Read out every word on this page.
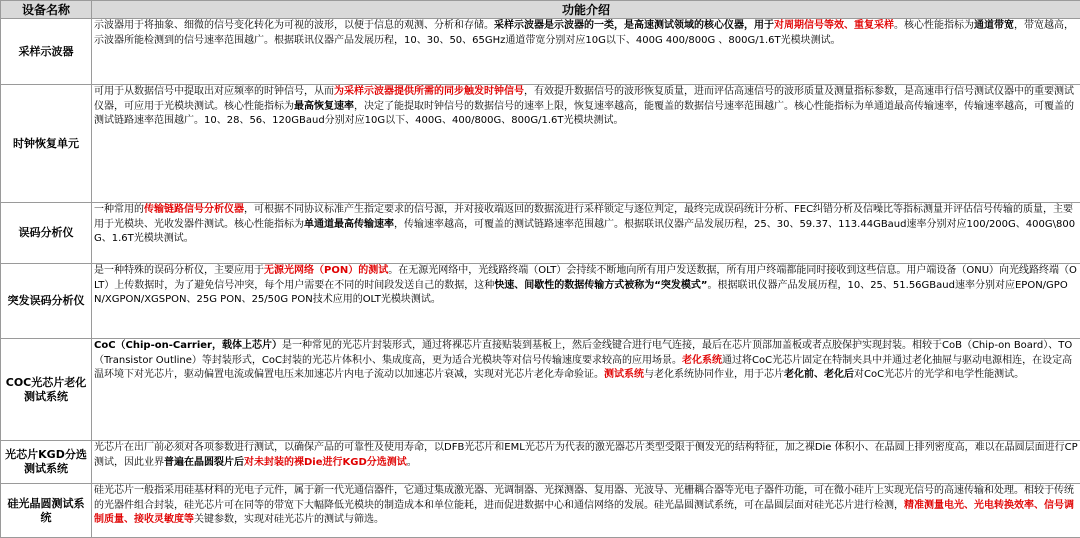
设备名称	功能介绍
采样示波器	示波器用于将抽象、细微的信号变化转化为可视的波形，以便于信息的观测、分析和存储。采样示波器是示波器的一类，是高速测试领域的核心仪器，用于对周期信号等效、重复采样。核心性能指标为通道带宽，带宽越高，示波器所能检测到的信号速率范围越广。根据联讯仪器产品发展历程，10、30、50、65GHz通道带宽分别对应10G以下、400G 400/800G 、800G/1.6T光模块测试。
时钟恢复单元	可用于从数据信号中提取出对应频率的时钟信号，从而为采样示波器提供所需的同步触发时钟信号，有效提升数据信号的波形恢复质量，进而评估高速信号的波形质量及测量指标参数，是高速串行信号测试仪器中的重要测试仪器，可应用于光模块测试。核心性能指标为最高恢复速率，决定了能提取时钟信号的数据信号的速率上限，恢复速率越高，能覆盖的数据信号速率范围越广。核心性能指标为单通道最高传输速率，传输速率越高，可覆盖的测试链路速率范围越广。10、28、56、120GBaud分别对应10G以下、400G、400/800G、800G/1.6T光模块测试。
误码分析仪	一种常用的传输链路信号分析仪器，可根据不同协议标准产生指定要求的信号源，并对接收端返回的数据流进行采样锁定与逐位判定，最终完成误码统计分析、FEC纠错分析及信噪比等指标测量并评估信号传输的质量，主要用于光模块、光收发器件测试。核心性能指标为单通道最高传输速率，传输速率越高，可覆盖的测试链路速率范围越广。根据联讯仪器产品发展历程，25、30、59.37、113.44GBaud速率分别对应100/200G、400G\800G、1.6T光模块测试。
突发误码分析仪	是一种特殊的误码分析仪，主要应用于无源光网络（PON）的测试。在无源光网络中，光线路终端（OLT）会持续不断地向所有用户发送数据，所有用户终端都能同时接收到这些信息。用户端设备（ONU）向光线路终端（OLT）上传数据时，为了避免信号冲突，每个用户需要在不同的时间段发送自己的数据，这种快速、间歇性的数据传输方式被称为“突发模式”。根据联讯仪器产品发展历程，10、25、51.56GBaud速率分别对应EPON/GPON/XGPON/XGSPON、25G PON、25/50G PON技术应用的OLT光模块测试。
COC光芯片老化测试系统	CoC（Chip-on-Carrier，载体上芯片）是一种常见的光芯片封装形式，通过将裸芯片直接贴装到基板上，然后金线键合进行电气连接，最后在芯片顶部加盖板或者点胶保护实现封装。相较于CoB（Chip-on Board）、TO（Transistor Outline）等封装形式，CoC封装的光芯片体积小、集成度高，更为适合光模块等对信号传输速度要求较高的应用场景。老化系统通过将CoC光芯片固定在特制夹具中并通过老化抽屉与驱动电源相连，在设定高温环境下对光芯片，驱动偏置电流或偏置电压来加速芯片内电子流动以加速芯片衰减，实现对光芯片老化寿命验证。测试系统与老化系统协同作业，用于芯片老化前、老化后对CoC光芯片的光学和电学性能测试。
光芯片KGD分选测试系统	光芯片在出厂前必须对各项参数进行测试，以确保产品的可靠性及使用寿命，以DFB光芯片和EML光芯片为代表的激光器芯片类型受限于侧发光的结构特征，加之裸Die 体积小、在晶圆上排列密度高，难以在晶圆层面进行CP测试，因此业界普遍在晶圆裂片后对未封装的裸Die进行KGD分选测试。
硅光晶圆测试系统	硅光芯片一般指采用硅基材料的光电子元件，属于新一代光通信器件，它通过集成激光器、光调制器、光探测器、复用器、光波导、光栅耦合器等光电子器件功能，可在微小硅片上实现光信号的高速传输和处理。相较于传统的光器件组合封装，硅光芯片可在同等的带宽下大幅降低光模块的制造成本和单位能耗，进而促进数据中心和通信网络的发展。硅光晶圆测试系统，可在晶圆层面对硅光芯片进行检测，精准测量电光、光电转换效率、信号调制质量、接收灵敏度等关键参数，实现对硅光芯片的测试与筛选。
